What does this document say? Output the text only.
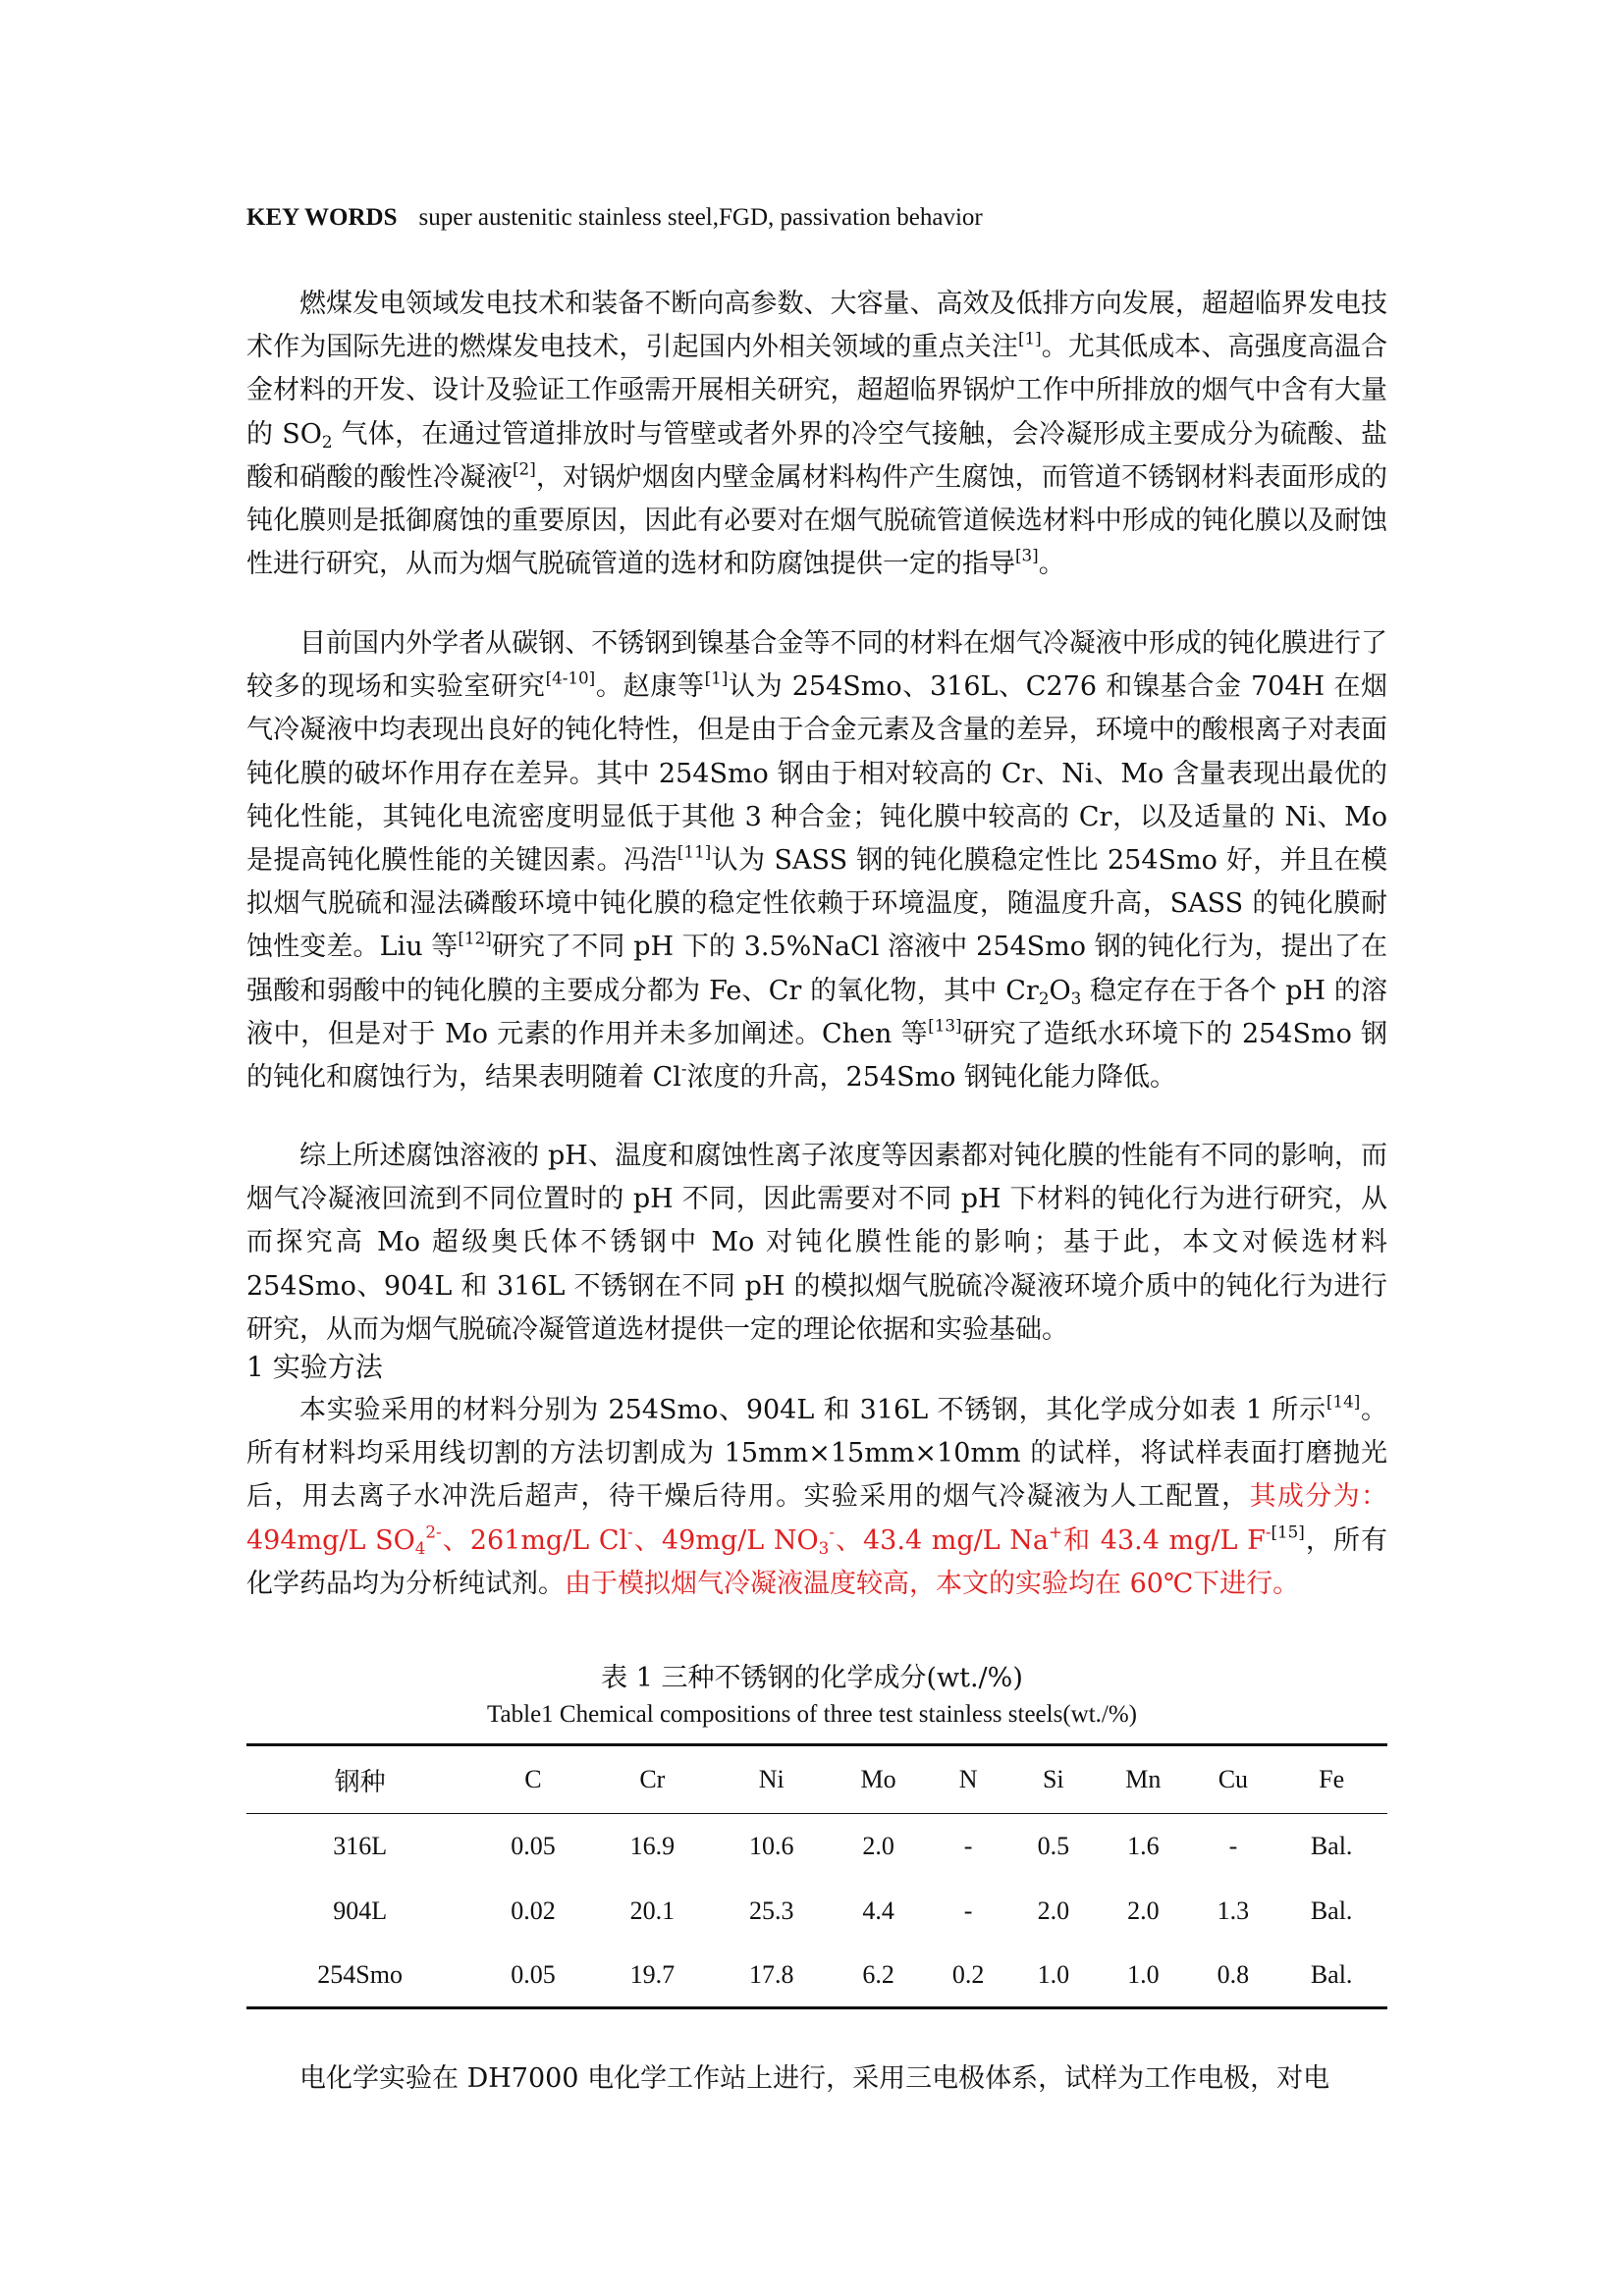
KEY WORDS super austenitic stainless steel,FGD, passivation behavior

燃煤发电领域发电技术和装备不断向高参数、大容量、高效及低排方向发展，超超临界发电技术作为国际先进的燃煤发电技术，引起国内外相关领域的重点关注[1]。尤其低成本、高强度高温合金材料的开发、设计及验证工作亟需开展相关研究，超超临界锅炉工作中所排放的烟气中含有大量的 $SO_2$ 气体，在通过管道排放时与管壁或者外界的冷空气接触，会冷凝形成主要成分为硫酸、盐酸和硝酸的酸性冷凝液[2]，对锅炉烟囱内壁金属材料构件产生腐蚀，而管道不锈钢材料表面形成的钝化膜则是抵御腐蚀的重要原因，因此有必要对在烟气脱硫管道候选材料中形成的钝化膜以及耐蚀性进行研究，从而为烟气脱硫管道的选材和防腐蚀提供一定的指导[3]。

目前国内外学者从碳钢、不锈钢到镍基合金等不同的材料在烟气冷凝液中形成的钝化膜进行了较多的现场和实验室研究[4-10]。赵康等[1]认为 254Smo、316L、C276 和镍基合金 704H 在烟气冷凝液中均表现出良好的钝化特性，但是由于合金元素及含量的差异，环境中的酸根离子对表面钝化膜的破坏作用存在差异。其中 254Smo 钢由于相对较高的 Cr、Ni、Mo 含量表现出最优的钝化性能，其钝化电流密度明显低于其他 3 种合金；钝化膜中较高的 Cr，以及适量的 Ni、Mo 是提高钝化膜性能的关键因素。冯浩[11]认为 SASS 钢的钝化膜稳定性比 254Smo 好，并且在模拟烟气脱硫和湿法磷酸环境中钝化膜的稳定性依赖于环境温度，随温度升高，SASS 的钝化膜耐蚀性变差。Liu 等[12]研究了不同 pH 下的 3.5%NaCl 溶液中 254Smo 钢的钝化行为，提出了在强酸和弱酸中的钝化膜的主要成分都为 Fe、Cr 的氧化物，其中 $Cr_2O_3$ 稳定存在于各个 pH 的溶液中，但是对于 Mo 元素的作用并未多加阐述。Chen 等[13]研究了造纸水环境下的 254Smo 钢的钝化和腐蚀行为，结果表明随着 Cl-浓度的升高，254Smo 钢钝化能力降低。

综上所述腐蚀溶液的 pH、温度和腐蚀性离子浓度等因素都对钝化膜的性能有不同的影响，而烟气冷凝液回流到不同位置时的 pH 不同，因此需要对不同 pH 下材料的钝化行为进行研究，从而探究高 Mo 超级奥氏体不锈钢中 Mo 对钝化膜性能的影响；基于此，本文对候选材料 254Smo、904L 和 316L 不锈钢在不同 pH 的模拟烟气脱硫冷凝液环境介质中的钝化行为进行研究，从而为烟气脱硫冷凝管道选材提供一定的理论依据和实验基础。

1 实验方法

本实验采用的材料分别为 254Smo、904L 和 316L 不锈钢，其化学成分如表 1 所示[14]。所有材料均采用线切割的方法切割成为 15mm×15mm×10mm 的试样，将试样表面打磨抛光后，用去离子水冲洗后超声，待干燥后待用。实验采用的烟气冷凝液为人工配置，其成分为：494mg/L $SO_4^{2-}$、261mg/L Cl-、49mg/L $NO_3^-$、43.4 mg/L Na+和 43.4 mg/L $F^{-[15]}$，所有化学药品均为分析纯试剂。由于模拟烟气冷凝液温度较高，本文的实验均在 60℃下进行。

表 1 三种不锈钢的化学成分(wt./%)
Table1 Chemical compositions of three test stainless steels(wt./%)
钢种	C	Cr	Ni	Mo	N	Si	Mn	Cu	Fe
316L	0.05	16.9	10.6	2.0	-	0.5	1.6	-	Bal.
904L	0.02	20.1	25.3	4.4	-	2.0	2.0	1.3	Bal.
254Smo	0.05	19.7	17.8	6.2	0.2	1.0	1.0	0.8	Bal.

电化学实验在 DH7000 电化学工作站上进行，采用三电极体系，试样为工作电极，对电
